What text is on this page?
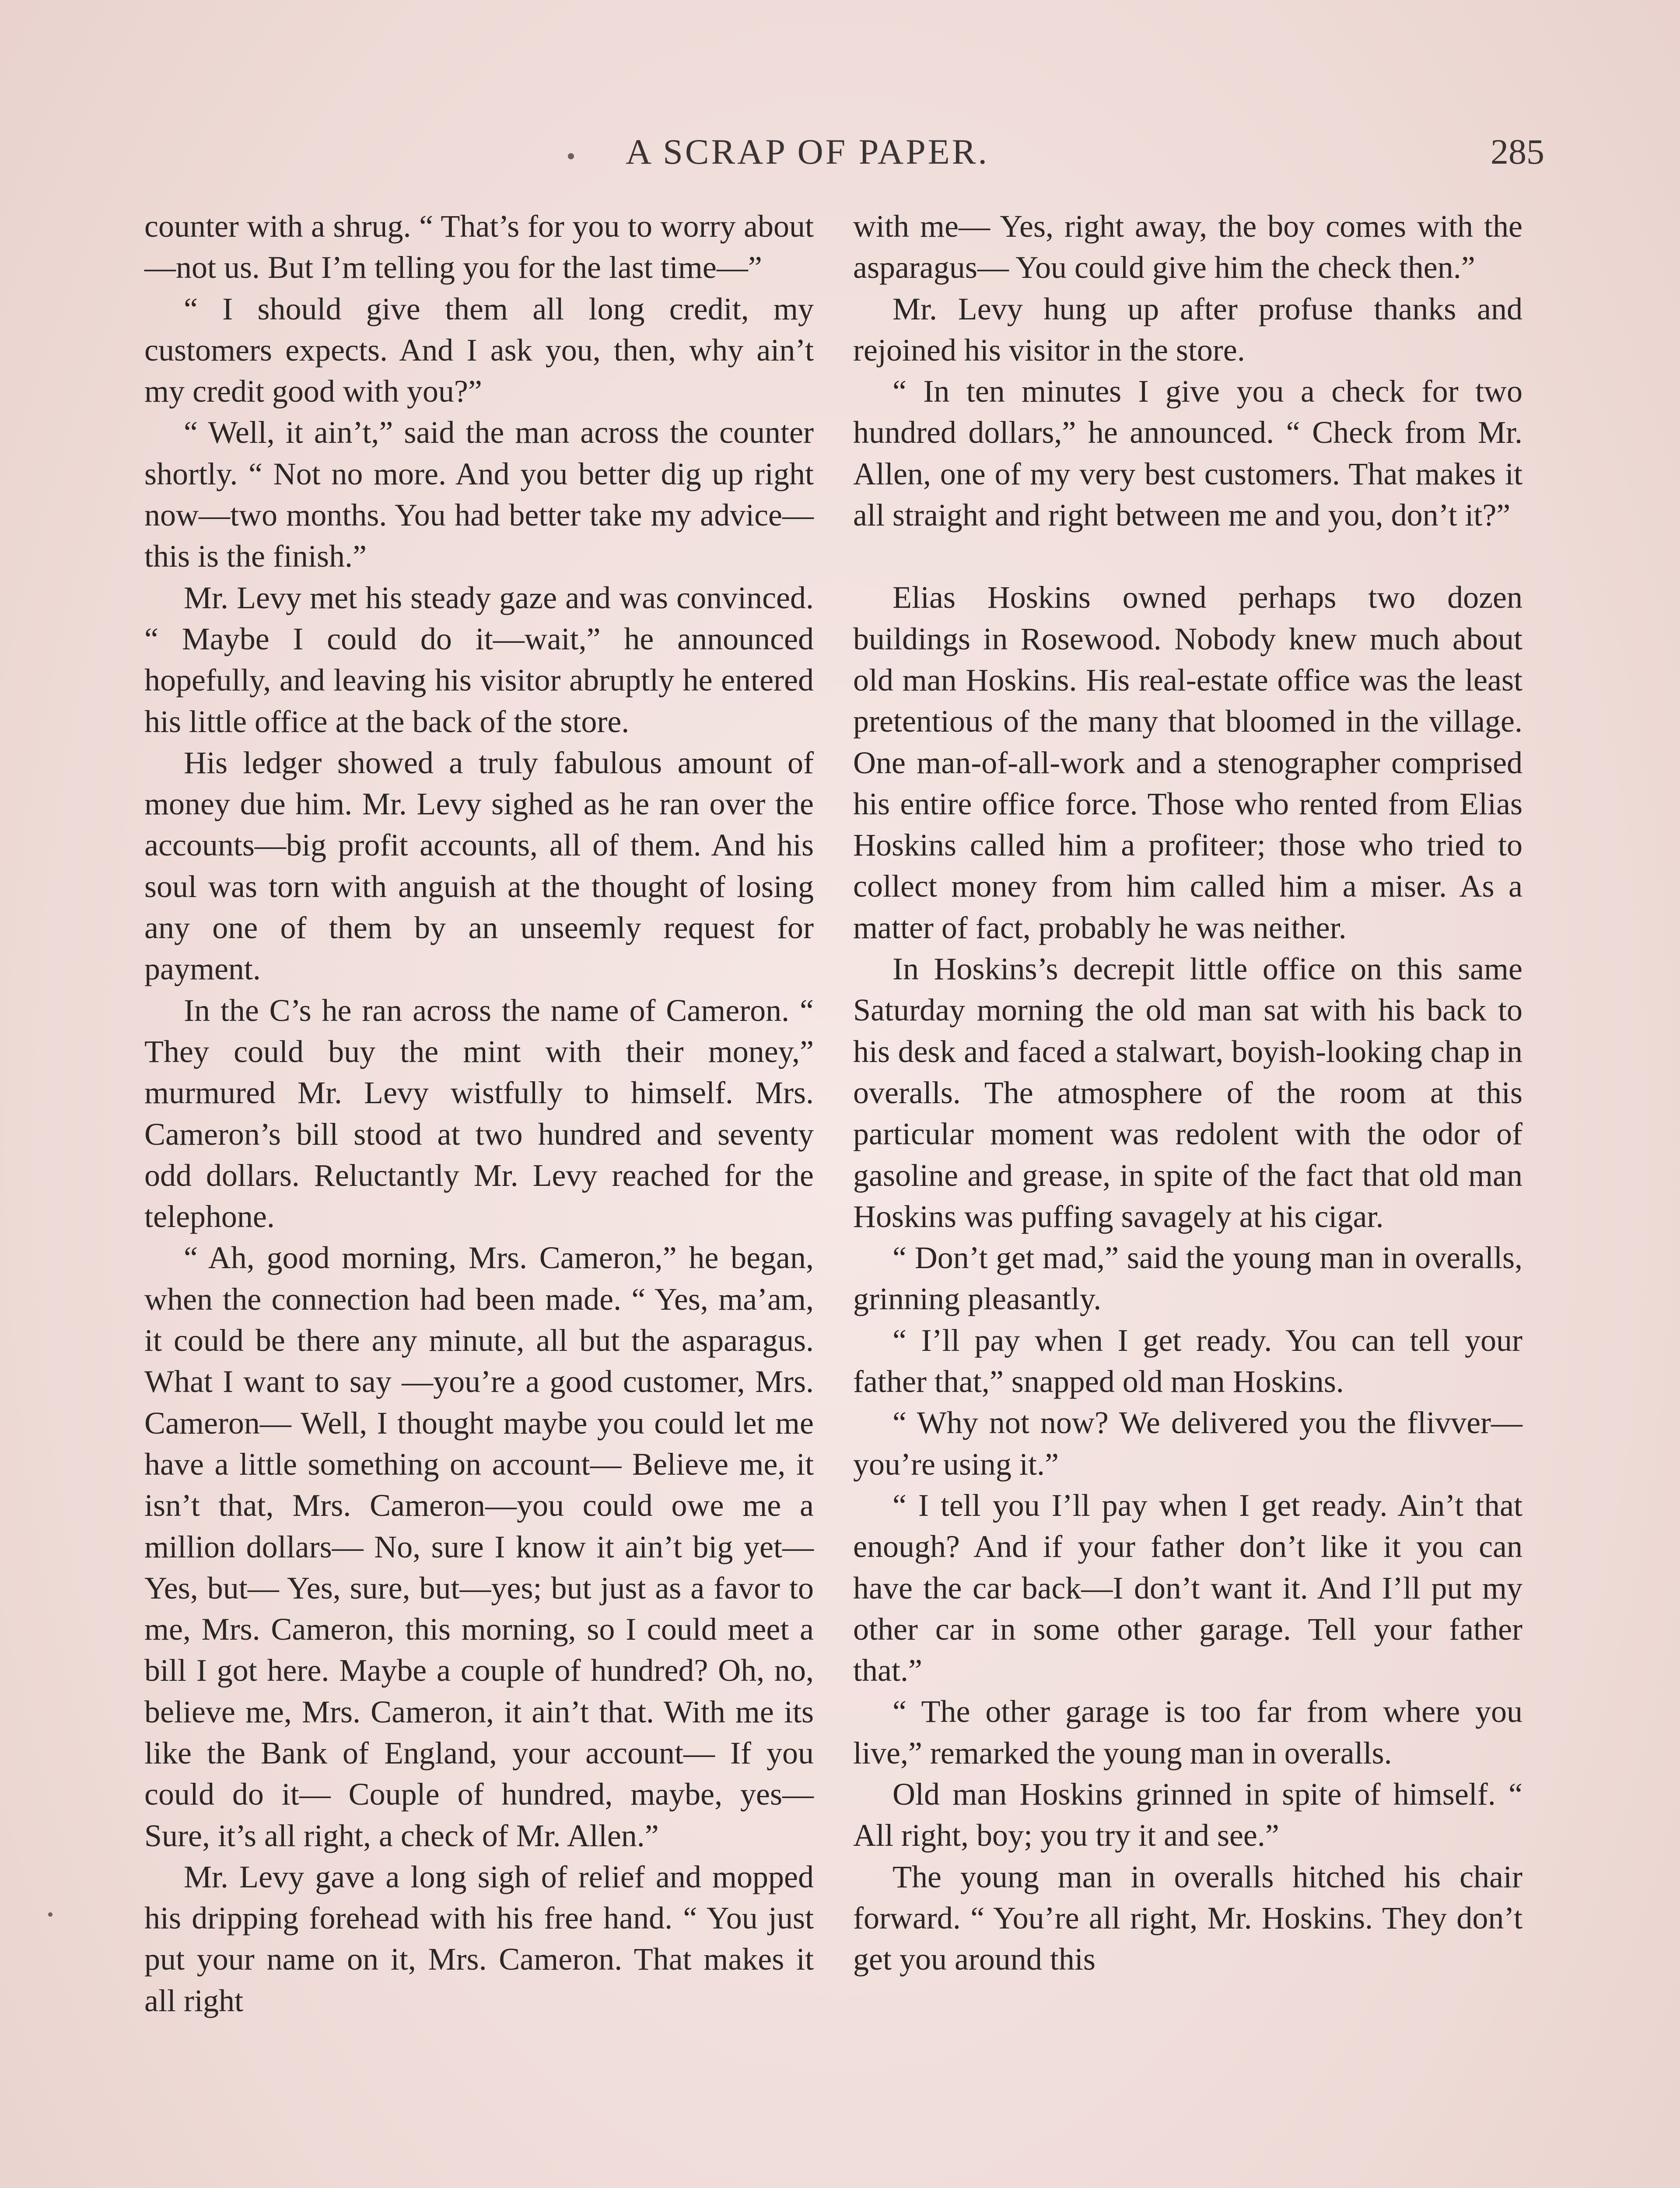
A SCRAP OF PAPER.	285

counter with a shrug. “ That’s for you to worry about—not us. But I’m telling you for the last time—”

“ I should give them all long credit, my customers expects. And I ask you, then, why ain’t my credit good with you?”

“ Well, it ain’t,” said the man across the counter shortly. “ Not no more. And you better dig up right now—two months. You had better take my advice—this is the finish.”

Mr. Levy met his steady gaze and was convinced. “ Maybe I could do it—wait,” he announced hopefully, and leaving his visitor abruptly he entered his little office at the back of the store.

His ledger showed a truly fabulous amount of money due him. Mr. Levy sighed as he ran over the accounts—big profit accounts, all of them. And his soul was torn with anguish at the thought of losing any one of them by an unseemly request for payment.

In the C’s he ran across the name of Cameron. “ They could buy the mint with their money,” murmured Mr. Levy wistfully to himself. Mrs. Cameron’s bill stood at two hundred and seventy odd dollars. Reluctantly Mr. Levy reached for the telephone.

“ Ah, good morning, Mrs. Cameron,” he began, when the connection had been made. “ Yes, ma’am, it could be there any minute, all but the asparagus. What I want to say —you’re a good customer, Mrs. Cameron— Well, I thought maybe you could let me have a little something on account— Believe me, it isn’t that, Mrs. Cameron—you could owe me a million dollars— No, sure I know it ain’t big yet— Yes, but— Yes, sure, but—yes; but just as a favor to me, Mrs. Cameron, this morning, so I could meet a bill I got here. Maybe a couple of hundred? Oh, no, believe me, Mrs. Cameron, it ain’t that. With me its like the Bank of England, your account— If you could do it— Couple of hundred, maybe, yes— Sure, it’s all right, a check of Mr. Allen.”

Mr. Levy gave a long sigh of relief and mopped his dripping forehead with his free hand. “ You just put your name on it, Mrs. Cameron. That makes it all right

with me— Yes, right away, the boy comes with the asparagus— You could give him the check then.”

Mr. Levy hung up after profuse thanks and rejoined his visitor in the store.

“ In ten minutes I give you a check for two hundred dollars,” he announced. “ Check from Mr. Allen, one of my very best customers. That makes it all straight and right between me and you, don’t it?”

Elias Hoskins owned perhaps two dozen buildings in Rosewood. Nobody knew much about old man Hoskins. His real-estate office was the least pretentious of the many that bloomed in the village. One man-of-all-work and a stenographer comprised his entire office force. Those who rented from Elias Hoskins called him a profiteer; those who tried to collect money from him called him a miser. As a matter of fact, probably he was neither.

In Hoskins’s decrepit little office on this same Saturday morning the old man sat with his back to his desk and faced a stalwart, boyish-looking chap in overalls. The atmosphere of the room at this particular moment was redolent with the odor of gasoline and grease, in spite of the fact that old man Hoskins was puffing savagely at his cigar.

“ Don’t get mad,” said the young man in overalls, grinning pleasantly.

“ I’ll pay when I get ready. You can tell your father that,” snapped old man Hoskins.

“ Why not now? We delivered you the flivver—you’re using it.”

“ I tell you I’ll pay when I get ready. Ain’t that enough? And if your father don’t like it you can have the car back—I don’t want it. And I’ll put my other car in some other garage. Tell your father that.”

“ The other garage is too far from where you live,” remarked the young man in overalls.

Old man Hoskins grinned in spite of himself. “ All right, boy; you try it and see.”

The young man in overalls hitched his chair forward. “ You’re all right, Mr. Hoskins. They don’t get you around this
